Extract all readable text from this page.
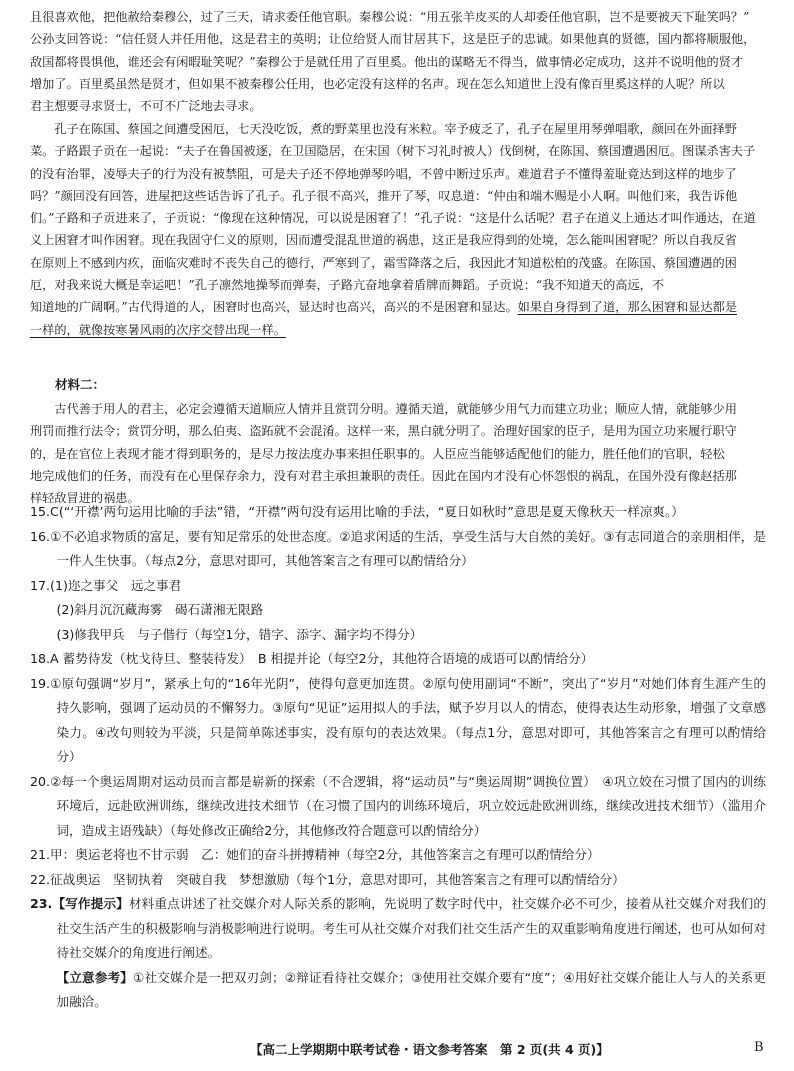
且很喜欢他，把他赦给秦穆公，过了三天，请求委任他官职。秦穆公说：“用五张羊皮买的人却委任他官职，岂不是要被天下耻笑吗？”

公孙支回答说：“信任贤人并任用他，这是君主的英明；让位给贤人而甘居其下，这是臣子的忠诚。如果他真的贤德，国内都将顺服他，

敌国都将畏惧他，谁还会有闲暇耻笑呢？”秦穆公于是就任用了百里奚。他出的谋略无不得当，做事情必定成功，这并不说明他的贤才

增加了。百里奚虽然是贤才，但如果不被秦穆公任用，也必定没有这样的名声。现在怎么知道世上没有像百里奚这样的人呢？所以

君主想要寻求贤士，不可不广泛地去寻求。

孔子在陈国、蔡国之间遭受困厄，七天没吃饭，煮的野菜里也没有米粒。宰予疲乏了，孔子在屋里用琴弹唱歌，颜回在外面择野

菜。子路跟子贡在一起说：“夫子在鲁国被逐，在卫国隐居，在宋国（树下习礼时被人）伐倒树，在陈国、蔡国遭遇困厄。图谋杀害夫子

的没有治罪，凌辱夫子的行为没有被禁阻，可是夫子还不停地弹琴吟唱，不曾中断过乐声。难道君子不懂得羞耻竟达到这样的地步了

吗？”颜回没有回答，进屋把这些话告诉了孔子。孔子很不高兴，推开了琴，叹息道：“仲由和端木赐是小人啊。叫他们来，我告诉他

们。”子路和子贡进来了，子贡说：“像现在这种情况，可以说是困窘了！”孔子说：“这是什么话呢？君子在道义上通达才叫作通达，在道

义上困窘才叫作困窘。现在我固守仁义的原则，因而遭受混乱世道的祸患，这正是我应得到的处境，怎么能叫困窘呢？所以自我反省

在原则上不感到内疚，面临灾难时不丧失自己的德行，严寒到了，霜雪降落之后，我因此才知道松柏的茂盛。在陈国、蔡国遭遇的困

厄，对我来说大概是幸运吧！”孔子凛然地操琴而弹奏，子路亢奋地拿着盾牌而舞蹈。子贡说：“我不知道天的高远，不

知道地的广阔啊。”古代得道的人，困窘时也高兴，显达时也高兴，高兴的不是困窘和显达。如果自身得到了道，那么困窘和显达都是

一样的，就像按寒暑风雨的次序交替出现一样。

材料二：

古代善于用人的君主，必定会遵循天道顺应人情并且赏罚分明。遵循天道，就能够少用气力而建立功业；顺应人情，就能够少用

刑罚而推行法令；赏罚分明，那么伯夷、盗跖就不会混淆。这样一来，黑白就分明了。治理好国家的臣子，是用为国立功来履行职守

的，是在官位上表现才能才得到职务的，是尽力按法度办事来担任职事的。人臣应当能够适配他们的能力，胜任他们的官职，轻松

地完成他们的任务，而没有在心里保存余力，没有对君主承担兼职的责任。因此在国内才没有心怀怨恨的祸乱，在国外没有像赵括那

样轻敌冒进的祸患。

15.C(“‘开襟’两句运用比喻的手法”错，“开襟”两句没有运用比喻的手法，“夏日如秋时”意思是夏天像秋天一样凉爽。）

16.①不必追求物质的富足，要有知足常乐的处世态度。②追求闲适的生活，享受生活与大自然的美好。③有志同道合的亲朋相伴，是一件人生快事。（每点2分，意思对即可，其他答案言之有理可以酌情给分）

17.(1)迩之事父　远之事君

(2)斜月沉沉藏海雾　碣石潇湘无限路

(3)修我甲兵　与子偕行（每空1分，错字、添字、漏字均不得分）

18.A 蓄势待发（枕戈待旦、整装待发）　B 相提并论（每空2分，其他符合语境的成语可以酌情给分）

19.①原句强调“岁月”，紧承上句的“16年光阴”，使得句意更加连贯。②原句使用副词“不断”，突出了“岁月”对她们体育生涯产生的持久影响，强调了运动员的不懈努力。③原句“见证”运用拟人的手法，赋予岁月以人的情态，使得表达生动形象，增强了文章感染力。④改句则较为平淡，只是简单陈述事实，没有原句的表达效果。（每点1分，意思对即可，其他答案言之有理可以酌情给分）

20.②每一个奥运周期对运动员而言都是崭新的探索（不合逻辑，将“运动员”与“奥运周期”调换位置）　④巩立姣在习惯了国内的训练环境后，远赴欧洲训练，继续改进技术细节（在习惯了国内的训练环境后，巩立姣远赴欧洲训练，继续改进技术细节）（滥用介词，造成主语残缺）（每处修改正确给2分，其他修改符合题意可以酌情给分）

21.甲：奥运老将也不甘示弱　乙：她们的奋斗拼搏精神（每空2分，其他答案言之有理可以酌情给分）

22.征战奥运　坚韧执着　突破自我　梦想激励（每个1分，意思对即可，其他答案言之有理可以酌情给分）

23.【写作提示】材料重点讲述了社交媒介对人际关系的影响，先说明了数字时代中，社交媒介必不可少，接着从社交媒介对我们的社交生活产生的积极影响与消极影响进行说明。考生可从社交媒介对我们社交生活产生的双重影响角度进行阐述，也可从如何对待社交媒介的角度进行阐述。

【立意参考】①社交媒介是一把双刃剑；②辩证看待社交媒介；③使用社交媒介要有“度”；④用好社交媒介能让人与人的关系更加融洽。

【高二上学期期中联考试卷・语文参考答案　第 2 页(共 4 页)】	B
